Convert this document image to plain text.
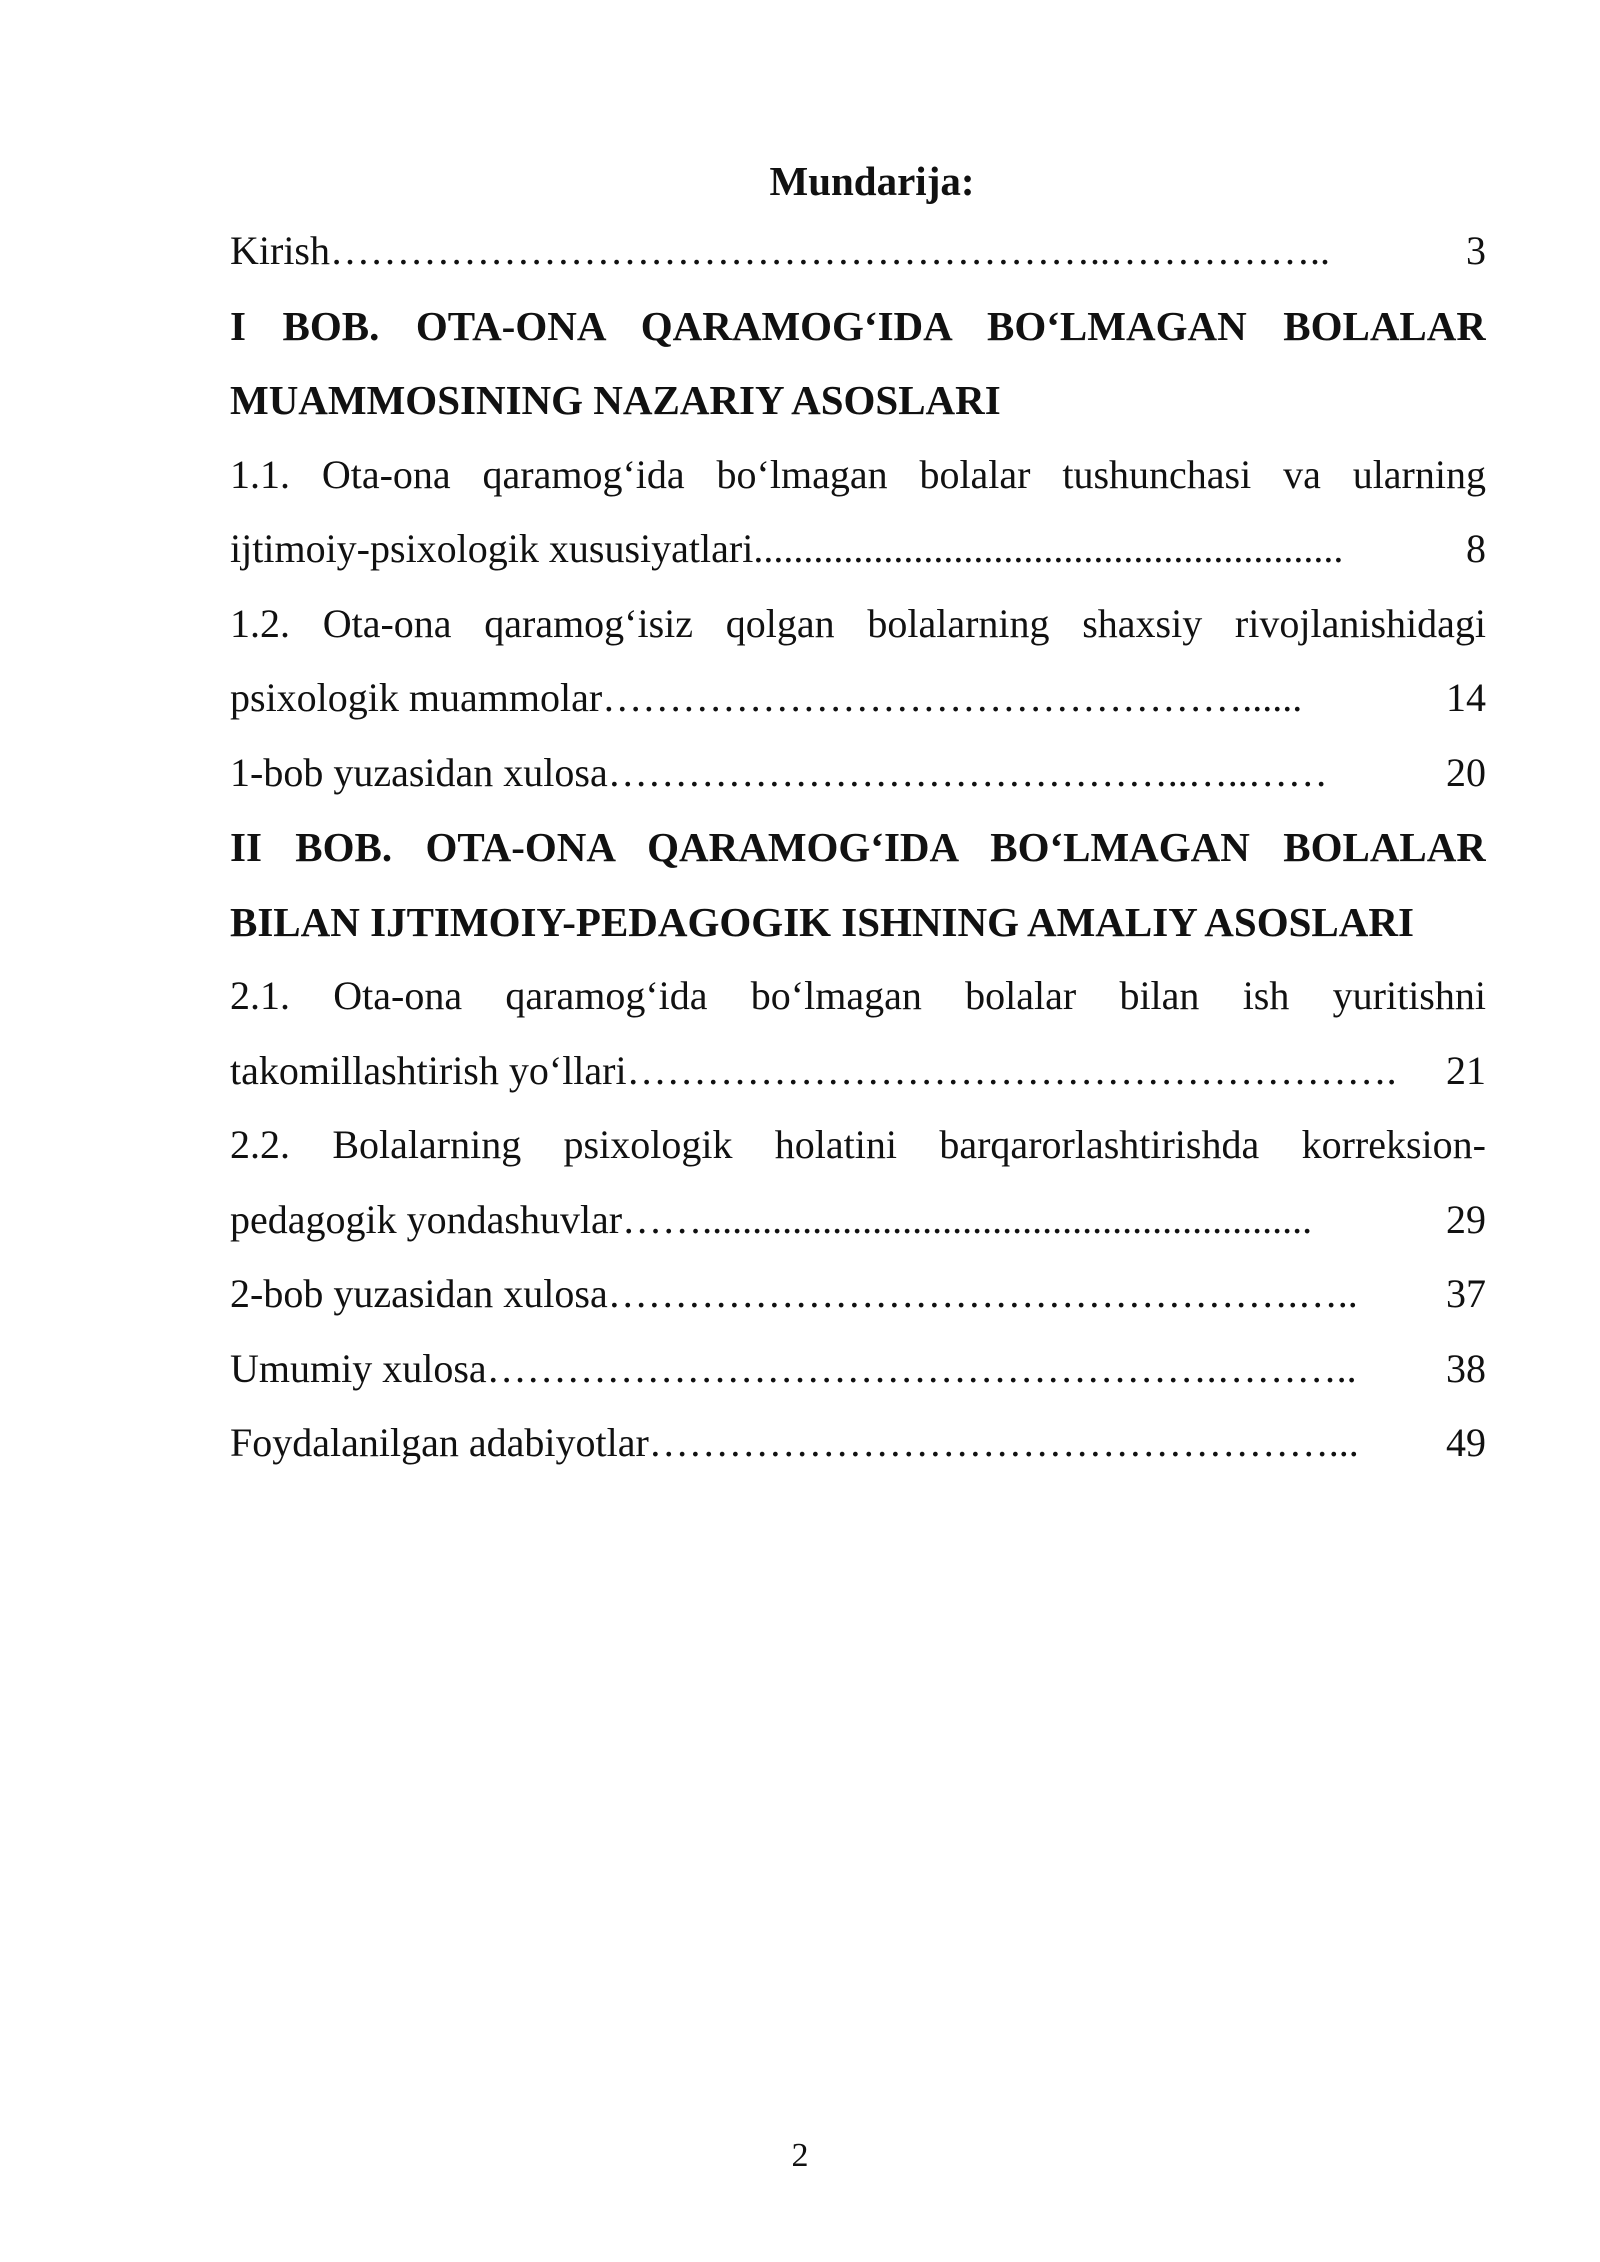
Mundarija:
Kirish …………………………………………………..……………..	3
I BOB. OTA-ONA QARAMOG‘IDA BO‘LMAGAN BOLALAR
MUAMMOSINING NAZARIY ASOSLARI
1.1. Ota-ona qaramog‘ida bo‘lmagan bolalar tushunchasi va ularning
ijtimoiy-psixologik xususiyatlari ...........................................................	8
1.2. Ota-ona qaramog‘isiz qolgan bolalarning shaxsiy rivojlanishidagi
psixologik muammolar …………………………………………......	14
1-bob yuzasidan xulosa ……………………………………..…..……	20
II BOB. OTA-ONA QARAMOG‘IDA BO‘LMAGAN BOLALAR
BILAN IJTIMOIY-PEDAGOGIK ISHNING AMALIY ASOSLARI
2.1. Ota-ona qaramog‘ida bo‘lmagan bolalar bilan ish yuritishni
takomillashtirish yo‘llari ………………………………………………….	21
2.2. Bolalarning psixologik holatini barqarorlashtirishda korreksion-
pedagogik yondashuvlar …….............................................................	29
2-bob yuzasidan xulosa …………………………………………….…..	37
Umumiy xulosa ……………………………………………….………..	38
Foydalanilgan adabiyotlar ……………………………………………...	49
2
